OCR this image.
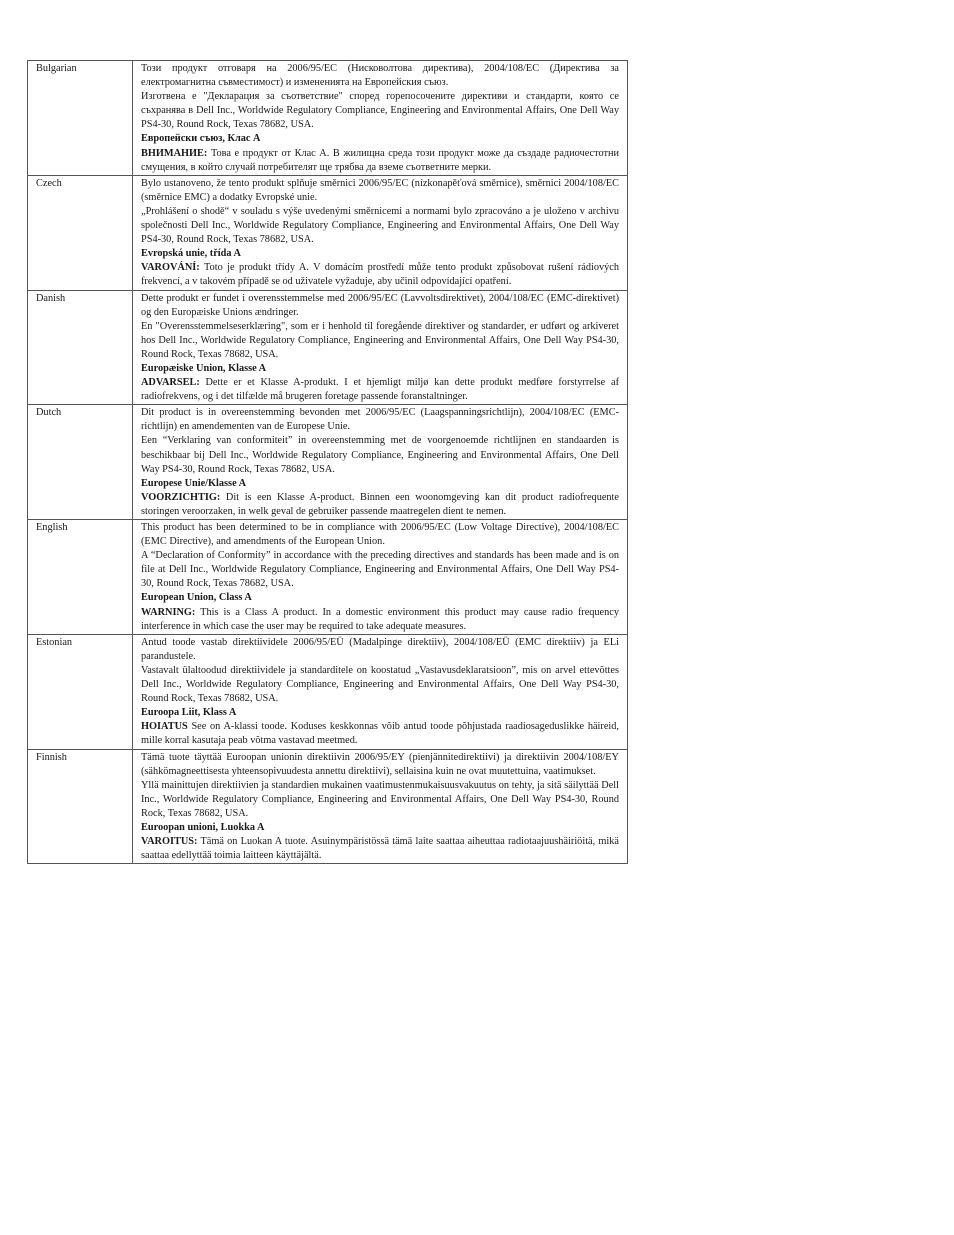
Bulgarian	Този продукт отговаря на 2006/95/EC (Нисковолтова директива), 2004/108/EC (Директива за електромагнитна съвместимост) и измененията на Европейския съюз.
Изготвена е "Декларация за съответствие" според горепосочените директиви и стандарти, която се съхранява в Dell Inc., Worldwide Regulatory Compliance, Engineering and Environmental Affairs, One Dell Way PS4-30, Round Rock, Texas 78682, USA.
Европейски съюз, Клас A
ВНИМАНИЕ: Това е продукт от Клас A. В жилищна среда този продукт може да създаде радиочестотни смущения, в който случай потребителят ще трябва да вземе съответните мерки.

Czech	Bylo ustanoveno, že tento produkt splňuje směrnici 2006/95/EC (nízkonapěťová směrnice), směrnici 2004/108/EC (směrnice EMC) a dodatky Evropské unie.
„Prohlášení o shodě“ v souladu s výše uvedenými směrnicemi a normami bylo zpracováno a je uloženo v archivu společnosti Dell Inc., Worldwide Regulatory Compliance, Engineering and Environmental Affairs, One Dell Way PS4-30, Round Rock, Texas 78682, USA.
Evropská unie, třída A
VAROVÁNÍ: Toto je produkt třídy A. V domácím prostředí může tento produkt způsobovat rušení rádiových frekvencí, a v takovém případě se od uživatele vyžaduje, aby učinil odpovídající opatření.

Danish	Dette produkt er fundet i overensstemmelse med 2006/95/EC (Lavvoltsdirektivet), 2004/108/EC (EMC-direktivet) og den Europæiske Unions ændringer.
En "Overensstemmelseserklæring", som er i henhold til foregående direktiver og standarder, er udført og arkiveret hos Dell Inc., Worldwide Regulatory Compliance, Engineering and Environmental Affairs, One Dell Way PS4-30, Round Rock, Texas 78682, USA.
Europæiske Union, Klasse A
ADVARSEL: Dette er et Klasse A-produkt. I et hjemligt miljø kan dette produkt medføre forstyrrelse af radiofrekvens, og i det tilfælde må brugeren foretage passende foranstaltninger.

Dutch	Dit product is in overeenstemming bevonden met 2006/95/EC (Laagspanningsrichtlijn), 2004/108/EC (EMC-richtlijn) en amendementen van de Europese Unie.
Een “Verklaring van conformiteit” in overeenstemming met de voorgenoemde richtlijnen en standaarden is beschikbaar bij Dell Inc., Worldwide Regulatory Compliance, Engineering and Environmental Affairs, One Dell Way PS4-30, Round Rock, Texas 78682, USA.
Europese Unie/Klasse A
VOORZICHTIG: Dit is een Klasse A-product. Binnen een woonomgeving kan dit product radiofrequente storingen veroorzaken, in welk geval de gebruiker passende maatregelen dient te nemen.

English	This product has been determined to be in compliance with 2006/95/EC (Low Voltage Directive), 2004/108/EC (EMC Directive), and amendments of the European Union.
A “Declaration of Conformity” in accordance with the preceding directives and standards has been made and is on file at Dell Inc., Worldwide Regulatory Compliance, Engineering and Environmental Affairs, One Dell Way PS4-30, Round Rock, Texas 78682, USA.
European Union, Class A
WARNING: This is a Class A product. In a domestic environment this product may cause radio frequency interference in which case the user may be required to take adequate measures.

Estonian	Antud toode vastab direktiividele 2006/95/EÜ (Madalpinge direktiiv), 2004/108/EÜ (EMC direktiiv) ja ELi parandustele.
Vastavalt ülaltoodud direktiividele ja standarditele on koostatud „Vastavusdeklaratsioon”, mis on arvel ettevõttes Dell Inc., Worldwide Regulatory Compliance, Engineering and Environmental Affairs, One Dell Way PS4-30, Round Rock, Texas 78682, USA.
Euroopa Liit, Klass A
HOIATUS See on A-klassi toode. Koduses keskkonnas võib antud toode põhjustada raadiosageduslikke häireid, mille korral kasutaja peab võtma vastavad meetmed.

Finnish	Tämä tuote täyttää Euroopan unionin direktiivin 2006/95/EY (pienjännitedirektiivi) ja direktiivin 2004/108/EY (sähkömagneettisesta yhteensopivuudesta annettu direktiivi), sellaisina kuin ne ovat muutettuina, vaatimukset.
Yllä mainittujen direktiivien ja standardien mukainen vaatimustenmukaisuusvakuutus on tehty, ja sitä säilyttää Dell Inc., Worldwide Regulatory Compliance, Engineering and Environmental Affairs, One Dell Way PS4-30, Round Rock, Texas 78682, USA.
Euroopan unioni, Luokka A
VAROITUS: Tämä on Luokan A tuote. Asuinympäristössä tämä laite saattaa aiheuttaa radiotaajuushäiriöitä, mikä saattaa edellyttää toimia laitteen käyttäjältä.
